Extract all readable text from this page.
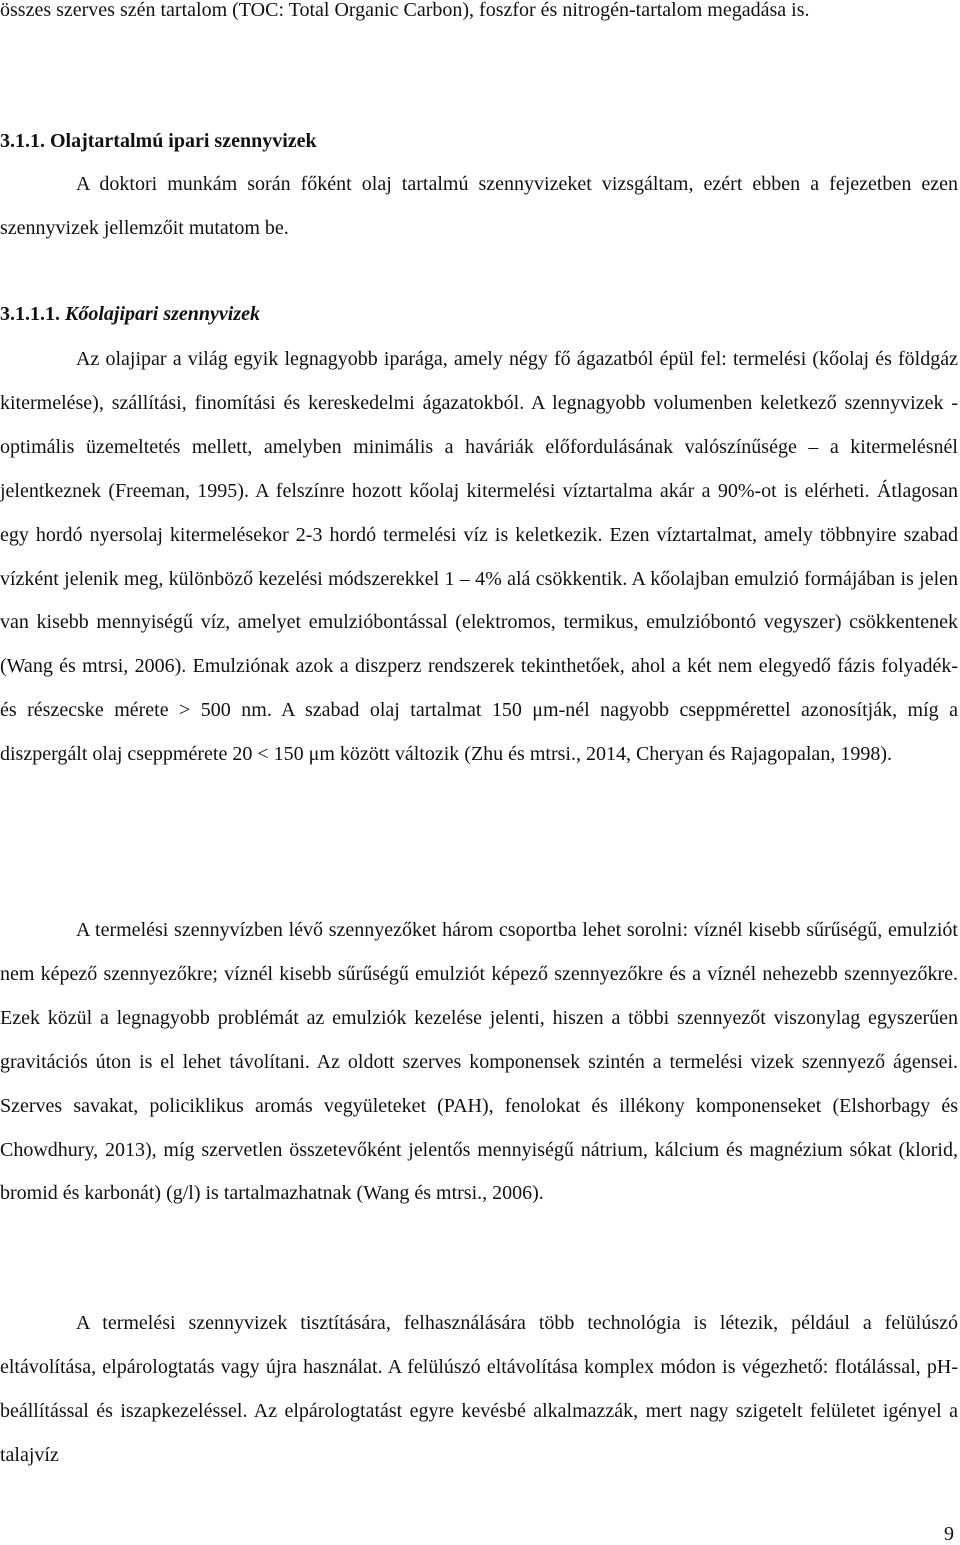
összes szerves szén tartalom (TOC: Total Organic Carbon), foszfor és nitrogén-tartalom megadása is.

3.1.1. Olajtartalmú ipari szennyvizek

A doktori munkám során főként olaj tartalmú szennyvizeket vizsgáltam, ezért ebben a fejezetben ezen szennyvizek jellemzőit mutatom be.

3.1.1.1. Kőolajipari szennyvizek

Az olajipar a világ egyik legnagyobb iparága, amely négy fő ágazatból épül fel: termelési (kőolaj és földgáz kitermelése), szállítási, finomítási és kereskedelmi ágazatokból. A legnagyobb volumenben keletkező szennyvizek - optimális üzemeltetés mellett, amelyben minimális a haváriák előfordulásának valószínűsége – a kitermelésnél jelentkeznek (Freeman, 1995). A felszínre hozott kőolaj kitermelési víztartalma akár a 90%-ot is elérheti. Átlagosan egy hordó nyersolaj kitermelésekor 2-3 hordó termelési víz is keletkezik. Ezen víztartalmat, amely többnyire szabad vízként jelenik meg, különböző kezelési módszerekkel 1 – 4% alá csökkentik. A kőolajban emulzió formájában is jelen van kisebb mennyiségű víz, amelyet emulzióbontással (elektromos, termikus, emulzióbontó vegyszer) csökkentenek (Wang és mtrsi, 2006). Emulziónak azok a diszperz rendszerek tekinthetőek, ahol a két nem elegyedő fázis folyadék- és részecske mérete > 500 nm. A szabad olaj tartalmat 150 μm-nél nagyobb cseppmérettel azonosítják, míg a diszpergált olaj cseppmérete 20 < 150 μm között változik (Zhu és mtrsi., 2014, Cheryan és Rajagopalan, 1998).

A termelési szennyvízben lévő szennyezőket három csoportba lehet sorolni: víznél kisebb sűrűségű, emulziót nem képező szennyezőkre; víznél kisebb sűrűségű emulziót képező szennyezőkre és a víznél nehezebb szennyezőkre. Ezek közül a legnagyobb problémát az emulziók kezelése jelenti, hiszen a többi szennyezőt viszonylag egyszerűen gravitációs úton is el lehet távolítani. Az oldott szerves komponensek szintén a termelési vizek szennyező ágensei. Szerves savakat, policiklikus aromás vegyületeket (PAH), fenolokat és illékony komponenseket (Elshorbagy és Chowdhury, 2013), míg szervetlen összetevőként jelentős mennyiségű nátrium, kálcium és magnézium sókat (klorid, bromid és karbonát) (g/l) is tartalmazhatnak (Wang és mtrsi., 2006).

A termelési szennyvizek tisztítására, felhasználására több technológia is létezik, például a felülúszó eltávolítása, elpárologtatás vagy újra használat. A felülúszó eltávolítása komplex módon is végezhető: flotálással, pH-beállítással és iszapkezeléssel. Az elpárologtatást egyre kevésbé alkalmazzák, mert nagy szigetelt felületet igényel a talajvíz

9
